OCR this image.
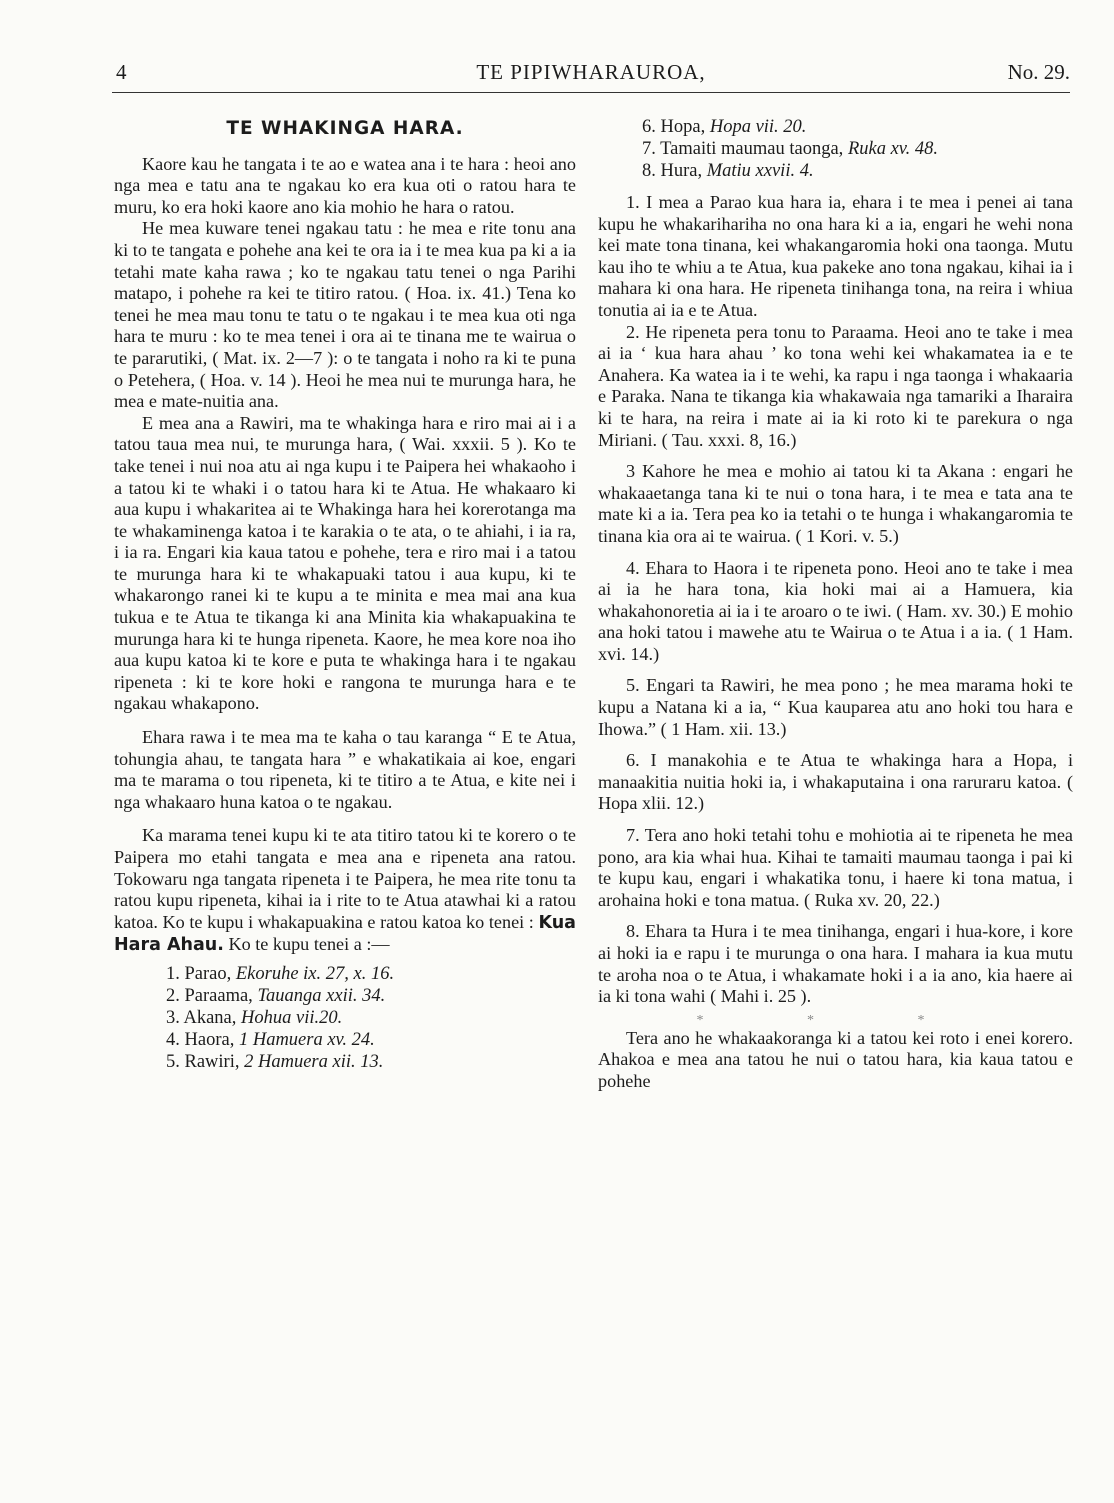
4	TE PIPIWHARAUROA,	No. 29.
TE WHAKINGA HARA.

Kaore kau he tangata i te ao e watea ana i te hara : heoi ano nga mea e tatu ana te ngakau ko era kua oti o ratou hara te muru, ko era hoki kaore ano kia mohio he hara o ratou.

He mea kuware tenei ngakau tatu : he mea e rite tonu ana ki to te tangata e pohehe ana kei te ora ia i te mea kua pa ki a ia tetahi mate kaha rawa ; ko te ngakau tatu tenei o nga Parihi matapo, i pohehe ra kei te titiro ratou. ( Hoa. ix. 41.) Tena ko tenei he mea mau tonu te tatu o te ngakau i te mea kua oti nga hara te muru : ko te mea tenei i ora ai te tinana me te wairua o te pararutiki, ( Mat. ix. 2—7 ): o te tangata i noho ra ki te puna o Petehera, ( Hoa. v. 14 ). Heoi he mea nui te murunga hara, he mea e mate-nuitia ana.

E mea ana a Rawiri, ma te whakinga hara e riro mai ai i a tatou taua mea nui, te murunga hara, ( Wai. xxxii. 5 ). Ko te take tenei i nui noa atu ai nga kupu i te Paipera hei whakaoho i a tatou ki te whaki i o tatou hara ki te Atua. He whakaaro ki aua kupu i whakaritea ai te Whakinga hara hei korerotanga ma te whakaminenga katoa i te karakia o te ata, o te ahiahi, i ia ra, i ia ra. Engari kia kaua tatou e pohehe, tera e riro mai i a tatou te murunga hara ki te whakapuaki tatou i aua kupu, ki te whakarongo ranei ki te kupu a te minita e mea mai ana kua tukua e te Atua te tikanga ki ana Minita kia whakapuakina te murunga hara ki te hunga ripeneta. Kaore, he mea kore noa iho aua kupu katoa ki te kore e puta te whakinga hara i te ngakau ripeneta : ki te kore hoki e rangona te murunga hara e te ngakau whakapono.

Ehara rawa i te mea ma te kaha o tau karanga “ E te Atua, tohungia ahau, te tangata hara ” e whakatikaia ai koe, engari ma te marama o tou ripeneta, ki te titiro a te Atua, e kite nei i nga whakaaro huna katoa o te ngakau.

Ka marama tenei kupu ki te ata titiro tatou ki te korero o te Paipera mo etahi tangata e mea ana e ripeneta ana ratou. Tokowaru nga tangata ripeneta i te Paipera, he mea rite tonu ta ratou kupu ripeneta, kihai ia i rite to te Atua atawhai ki a ratou katoa. Ko te kupu i whakapuakina e ratou katoa ko tenei : Kua Hara Ahau. Ko te kupu tenei a :—

1. Parao, Ekoruhe ix. 27, x. 16.
2. Paraama, Tauanga xxii. 34.
3. Akana, Hohua vii.20.
4. Haora, 1 Hamuera xv. 24.
5. Rawiri, 2 Hamuera xii. 13.
6. Hopa, Hopa vii. 20.
7. Tamaiti maumau taonga, Ruka xv. 48.
8. Hura, Matiu xxvii. 4.

1. I mea a Parao kua hara ia, ehara i te mea i penei ai tana kupu he whakarihariha no ona hara ki a ia, engari he wehi nona kei mate tona tinana, kei whakangaromia hoki ona taonga. Mutu kau iho te whiu a te Atua, kua pakeke ano tona ngakau, kihai ia i mahara ki ona hara. He ripeneta tinihanga tona, na reira i whiua tonutia ai ia e te Atua.

2. He ripeneta pera tonu to Paraama. Heoi ano te take i mea ai ia ‘ kua hara ahau ’ ko tona wehi kei whakamatea ia e te Anahera. Ka watea ia i te wehi, ka rapu i nga taonga i whakaaria e Paraka. Nana te tikanga kia whakawaia nga tamariki a Iharaira ki te hara, na reira i mate ai ia ki roto ki te parekura o nga Miriani. ( Tau. xxxi. 8, 16.)

3 Kahore he mea e mohio ai tatou ki ta Akana : engari he whakaaetanga tana ki te nui o tona hara, i te mea e tata ana te mate ki a ia. Tera pea ko ia tetahi o te hunga i whakangaromia te tinana kia ora ai te wairua. ( 1 Kori. v. 5.)

4. Ehara to Haora i te ripeneta pono. Heoi ano te take i mea ai ia he hara tona, kia hoki mai ai a Hamuera, kia whakahonoretia ai ia i te aroaro o te iwi. ( Ham. xv. 30.) E mohio ana hoki tatou i mawehe atu te Wairua o te Atua i a ia. ( 1 Ham. xvi. 14.)

5. Engari ta Rawiri, he mea pono ; he mea marama hoki te kupu a Natana ki a ia, “ Kua kauparea atu ano hoki tou hara e Ihowa.” ( 1 Ham. xii. 13.)

6. I manakohia e te Atua te whakinga hara a Hopa, i manaakitia nuitia hoki ia, i whakaputaina i ona raruraru katoa. ( Hopa xlii. 12.)

7. Tera ano hoki tetahi tohu e mohiotia ai te ripeneta he mea pono, ara kia whai hua. Kihai te tamaiti maumau taonga i pai ki te kupu kau, engari i whakatika tonu, i haere ki tona matua, i arohaina hoki e tona matua. ( Ruka xv. 20, 22.)

8. Ehara ta Hura i te mea tinihanga, engari i hua-kore, i kore ai hoki ia e rapu i te murunga o ona hara. I mahara ia kua mutu te aroha noa o te Atua, i whakamate hoki i a ia ano, kia haere ai ia ki tona wahi ( Mahi i. 25 ).

* * *

Tera ano he whakaakoranga ki a tatou kei roto i enei korero. Ahakoa e mea ana tatou he nui o tatou hara, kia kaua tatou e pohehe
